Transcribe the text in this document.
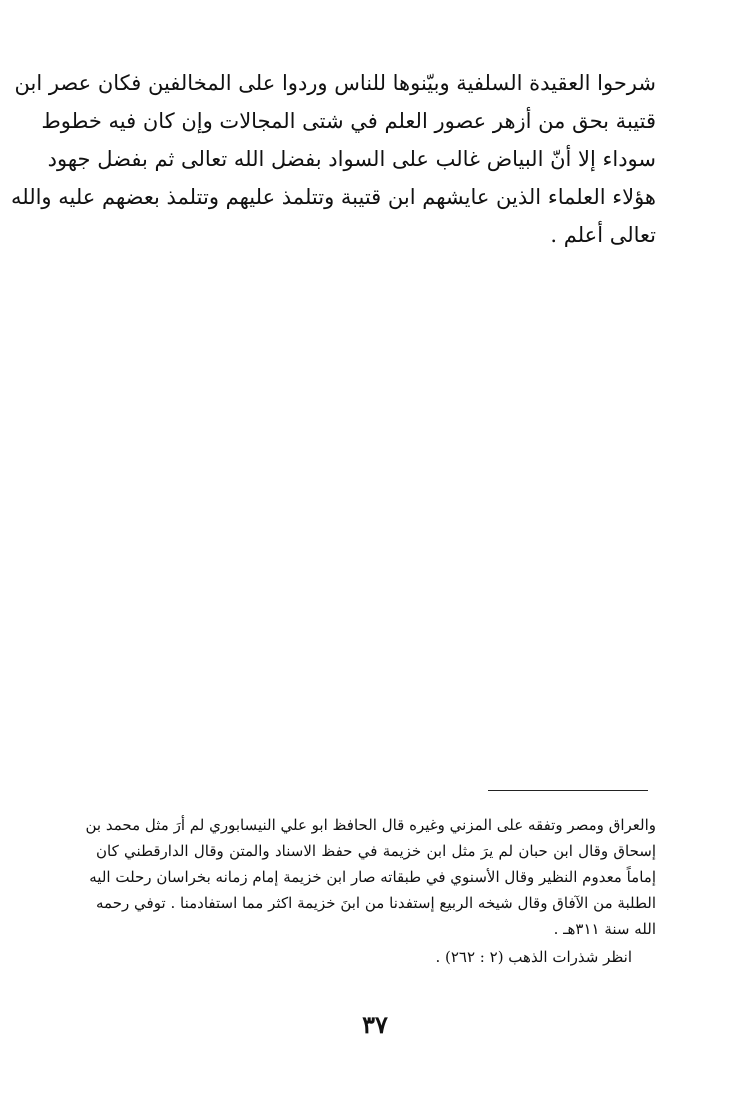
شرحوا العقيدة السلفية وبيّنوها للناس وردوا على المخالفين فكان عصر ابن
قتيبة بحق من أزهر عصور العلم في شتى المجالات وإن كان فيه خطوط
سوداء إلا أنّ البياض غالب على السواد بفضل الله تعالى ثم بفضل جهود
هؤلاء العلماء الذين عايشهم ابن قتيبة وتتلمذ عليهم وتتلمذ بعضهم عليه والله
تعالى أعلم .
والعراق ومصر وتفقه على المزني وغيره قال الحافظ ابو علي النيسابوري لم أرَ مثل محمد بن
إسحاق وقال ابن حبان لم يرَ مثل ابن خزيمة في حفظ الاسناد والمتن وقال الدارقطني كان
إماماً معدوم النظير وقال الأسنوي في طبقاته صار ابن خزيمة إمام زمانه بخراسان رحلت اليه
الطلبة من الآفاق وقال شيخه الربيع إستفدنا من ابنَ خزيمة اكثر مما استفادمنا . توفي رحمه
الله سنة ٣١١هـ .
انظر شذرات الذهب (٢ : ٢٦٢) .
٣٧
